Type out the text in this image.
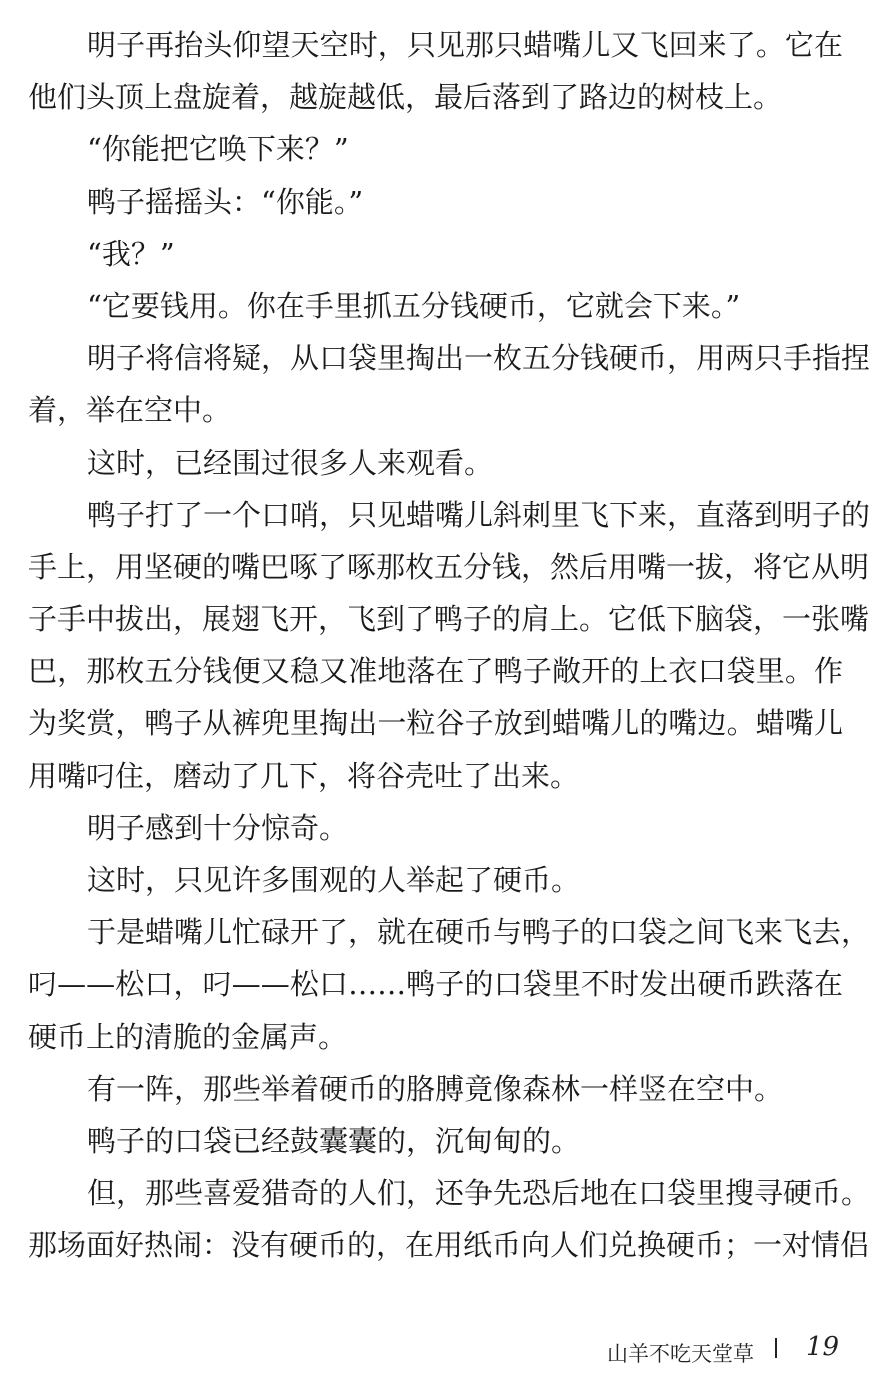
明子再抬头仰望天空时，只见那只蜡嘴儿又飞回来了。它在
他们头顶上盘旋着，越旋越低，最后落到了路边的树枝上。
“你能把它唤下来？”
鸭子摇摇头：“你能。”
“我？”
“它要钱用。你在手里抓五分钱硬币，它就会下来。”
明子将信将疑，从口袋里掏出一枚五分钱硬币，用两只手指捏
着，举在空中。
这时，已经围过很多人来观看。
鸭子打了一个口哨，只见蜡嘴儿斜刺里飞下来，直落到明子的
手上，用坚硬的嘴巴啄了啄那枚五分钱，然后用嘴一拔，将它从明
子手中拔出，展翅飞开，飞到了鸭子的肩上。它低下脑袋，一张嘴
巴，那枚五分钱便又稳又准地落在了鸭子敞开的上衣口袋里。作
为奖赏，鸭子从裤兜里掏出一粒谷子放到蜡嘴儿的嘴边。蜡嘴儿
用嘴叼住，磨动了几下，将谷壳吐了出来。
明子感到十分惊奇。
这时，只见许多围观的人举起了硬币。
于是蜡嘴儿忙碌开了，就在硬币与鸭子的口袋之间飞来飞去，
叼——松口，叼——松口……鸭子的口袋里不时发出硬币跌落在
硬币上的清脆的金属声。
有一阵，那些举着硬币的胳膊竟像森林一样竖在空中。
鸭子的口袋已经鼓囊囊的，沉甸甸的。
但，那些喜爱猎奇的人们，还争先恐后地在口袋里搜寻硬币。
那场面好热闹：没有硬币的，在用纸币向人们兑换硬币；一对情侣
山羊不吃天堂草 19
